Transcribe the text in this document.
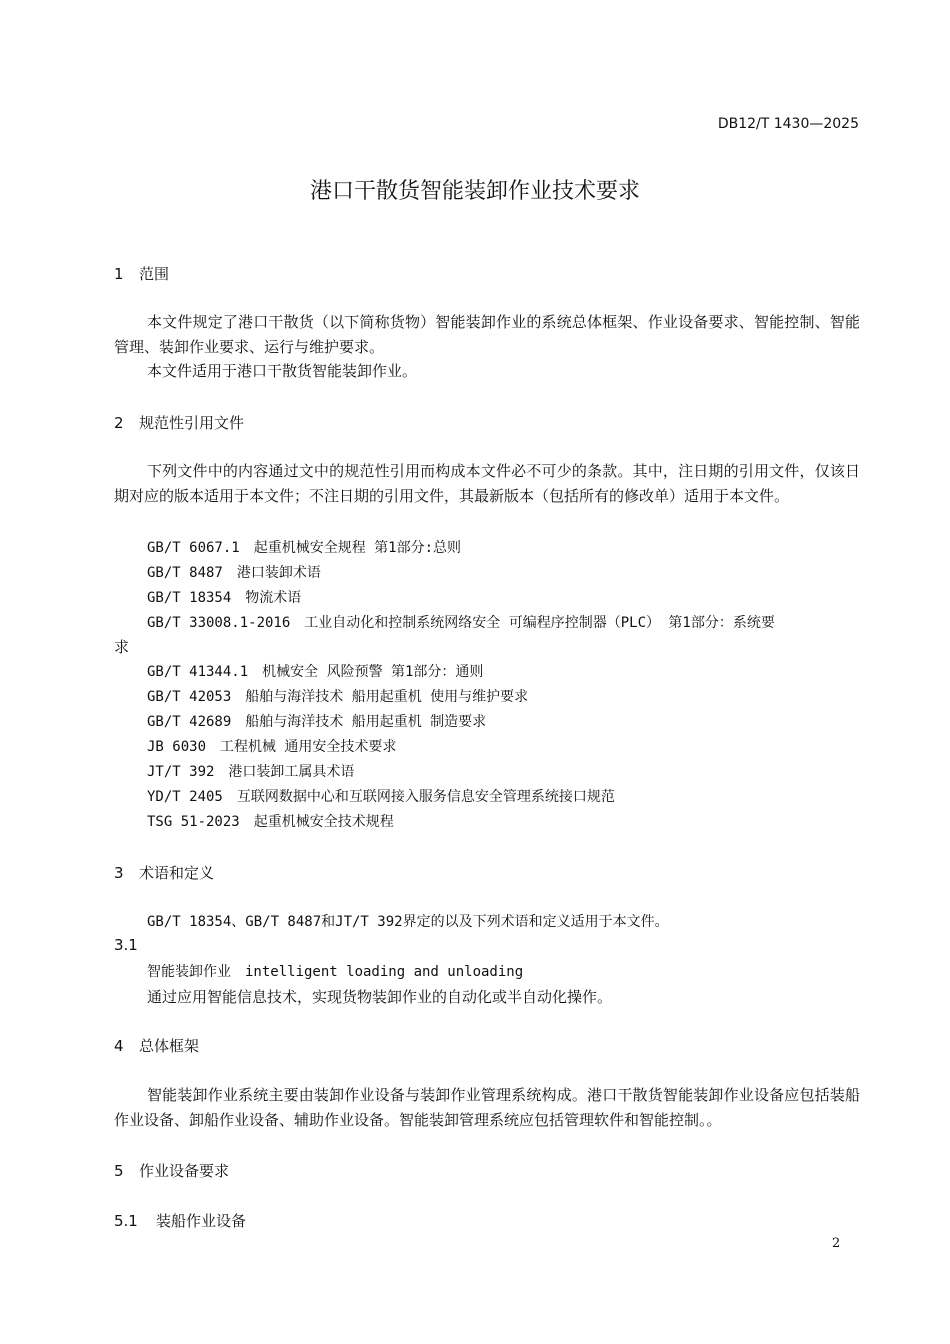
DB12/T 1430—2025
港口干散货智能装卸作业技术要求
1 范围

本文件规定了港口干散货（以下简称货物）智能装卸作业的系统总体框架、作业设备要求、智能控制、智能管理、装卸作业要求、运行与维护要求。

本文件适用于港口干散货智能装卸作业。

2 规范性引用文件

下列文件中的内容通过文中的规范性引用而构成本文件必不可少的条款。其中，注日期的引用文件，仅该日期对应的版本适用于本文件；不注日期的引用文件，其最新版本（包括所有的修改单）适用于本文件。

GB/T 6067.1　起重机械安全规程 第1部分:总则
GB/T 8487　港口装卸术语
GB/T 18354　物流术语
GB/T 33008.1-2016　工业自动化和控制系统网络安全 可编程序控制器（PLC） 第1部分：系统要
求
GB/T 41344.1　机械安全 风险预警 第1部分：通则
GB/T 42053　船舶与海洋技术 船用起重机 使用与维护要求
GB/T 42689　船舶与海洋技术 船用起重机 制造要求
JB 6030　工程机械 通用安全技术要求
JT/T 392　港口装卸工属具术语
YD/T 2405　互联网数据中心和互联网接入服务信息安全管理系统接口规范
TSG 51-2023　起重机械安全技术规程
3 术语和定义
GB/T 18354、GB/T 8487和JT/T 392界定的以及下列术语和定义适用于本文件。
3.1
智能装卸作业　intelligent loading and unloading
通过应用智能信息技术，实现货物装卸作业的自动化或半自动化操作。
4 总体框架

智能装卸作业系统主要由装卸作业设备与装卸作业管理系统构成。港口干散货智能装卸作业设备应包括装船作业设备、卸船作业设备、辅助作业设备。智能装卸管理系统应包括管理软件和智能控制。。

5 作业设备要求
5.1 装船作业设备
2
